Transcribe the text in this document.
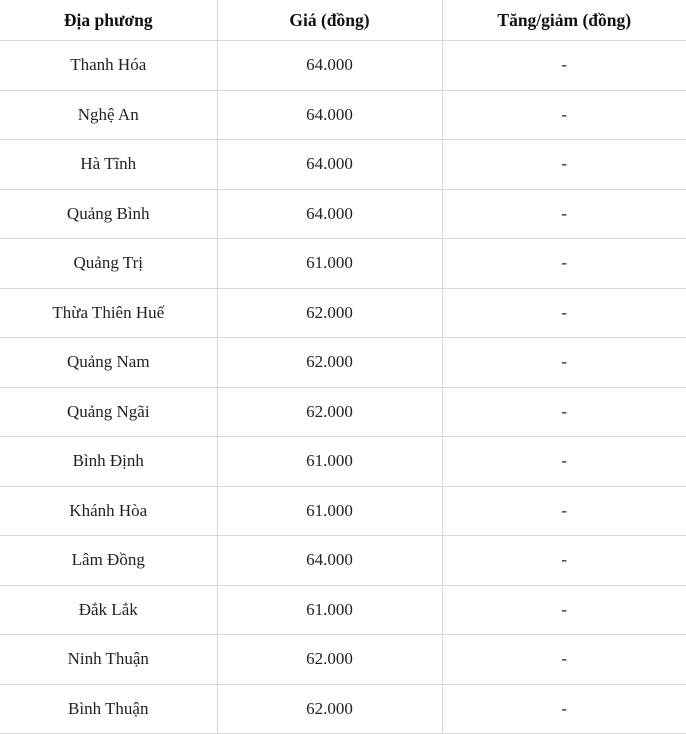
Địa phương	Giá (đồng)	Tăng/giảm (đồng)
Thanh Hóa	64.000	-
Nghệ An	64.000	-
Hà Tĩnh	64.000	-
Quảng Bình	64.000	-
Quảng Trị	61.000	-
Thừa Thiên Huế	62.000	-
Quảng Nam	62.000	-
Quảng Ngãi	62.000	-
Bình Định	61.000	-
Khánh Hòa	61.000	-
Lâm Đồng	64.000	-
Đắk Lắk	61.000	-
Ninh Thuận	62.000	-
Bình Thuận	62.000	-
